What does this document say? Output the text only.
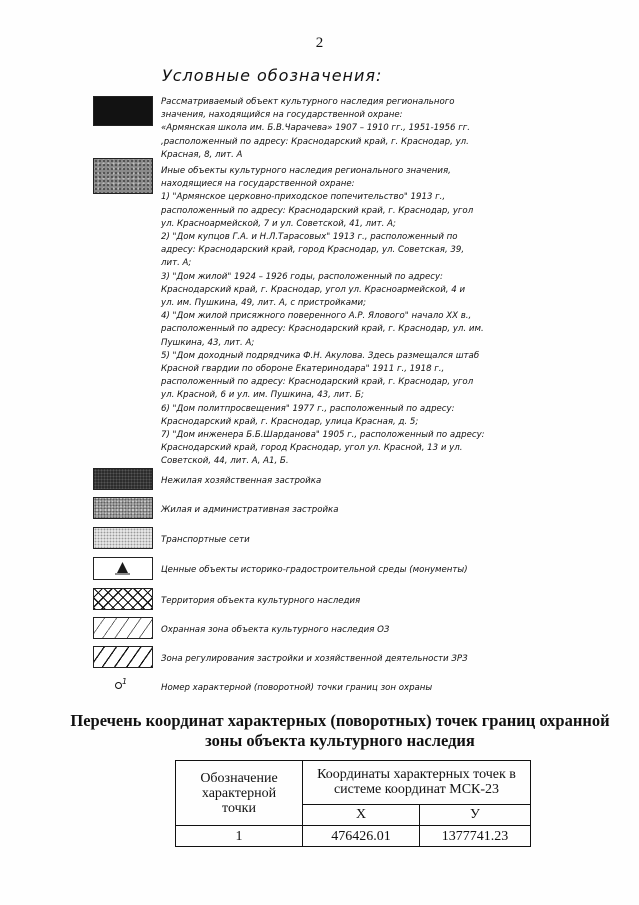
2
Условные обозначения:
Рассматриваемый объект культурного наследия регионального
значения, находящийся на государственной охране:
«Армянская школа им. Б.В.Чарачева» 1907 – 1910 гг., 1951-1956 гг.
,расположенный по адресу: Краснодарский край, г. Краснодар, ул.
Красная, 8, лит. А
Иные объекты культурного наследия регионального значения,
находящиеся на государственной охране:
1) "Армянское церковно-приходское попечительство" 1913 г.,
расположенный по адресу: Краснодарский край, г. Краснодар, угол
ул. Красноармейской, 7 и ул. Советской, 41, лит. А;
2) "Дом купцов Г.А. и Н.Л.Тарасовых" 1913 г., расположенный по
адресу: Краснодарский край, город Краснодар, ул. Советская, 39,
лит. А;
3) "Дом жилой" 1924 – 1926 годы, расположенный по адресу:
Краснодарский край, г. Краснодар, угол ул. Красноармейской, 4 и
ул. им. Пушкина, 49, лит. А, с пристройками;
4) "Дом жилой присяжного поверенного А.Р. Ялового" начало XX в.,
расположенный по адресу: Краснодарский край, г. Краснодар, ул. им.
Пушкина, 43, лит. А;
5) "Дом доходный подрядчика Ф.Н. Акулова. Здесь размещался штаб
Красной гвардии по обороне Екатеринодара" 1911 г., 1918 г.,
расположенный по адресу: Краснодарский край, г. Краснодар, угол
ул. Красной, 6 и ул. им. Пушкина, 43, лит. Б;
6) "Дом политпросвещения" 1977 г., расположенный по адресу:
Краснодарский край, г. Краснодар, улица Красная, д. 5;
7) "Дом инженера Б.Б.Шарданова" 1905 г., расположенный по адресу:
Краснодарский край, город Краснодар, угол ул. Красной, 13 и ул.
Советской, 44, лит. А, А1, Б.
Нежилая хозяйственная застройка
Жилая и административная застройка
Транспортные сети
Ценные объекты историко-градостроительной среды (монументы)
Территория объекта культурного наследия
Охранная зона объекта культурного наследия ОЗ
Зона регулирования застройки и хозяйственной деятельности ЗРЗ
$^1$
Номер характерной (поворотной) точки границ зон охраны
Перечень координат характерных (поворотных) точек границ охранной
зоны объекта культурного наследия
Обозначение характерной точки	Координаты характерных точек в системе координат МСК-23	
	X	У
1	476426.01	1377741.23
